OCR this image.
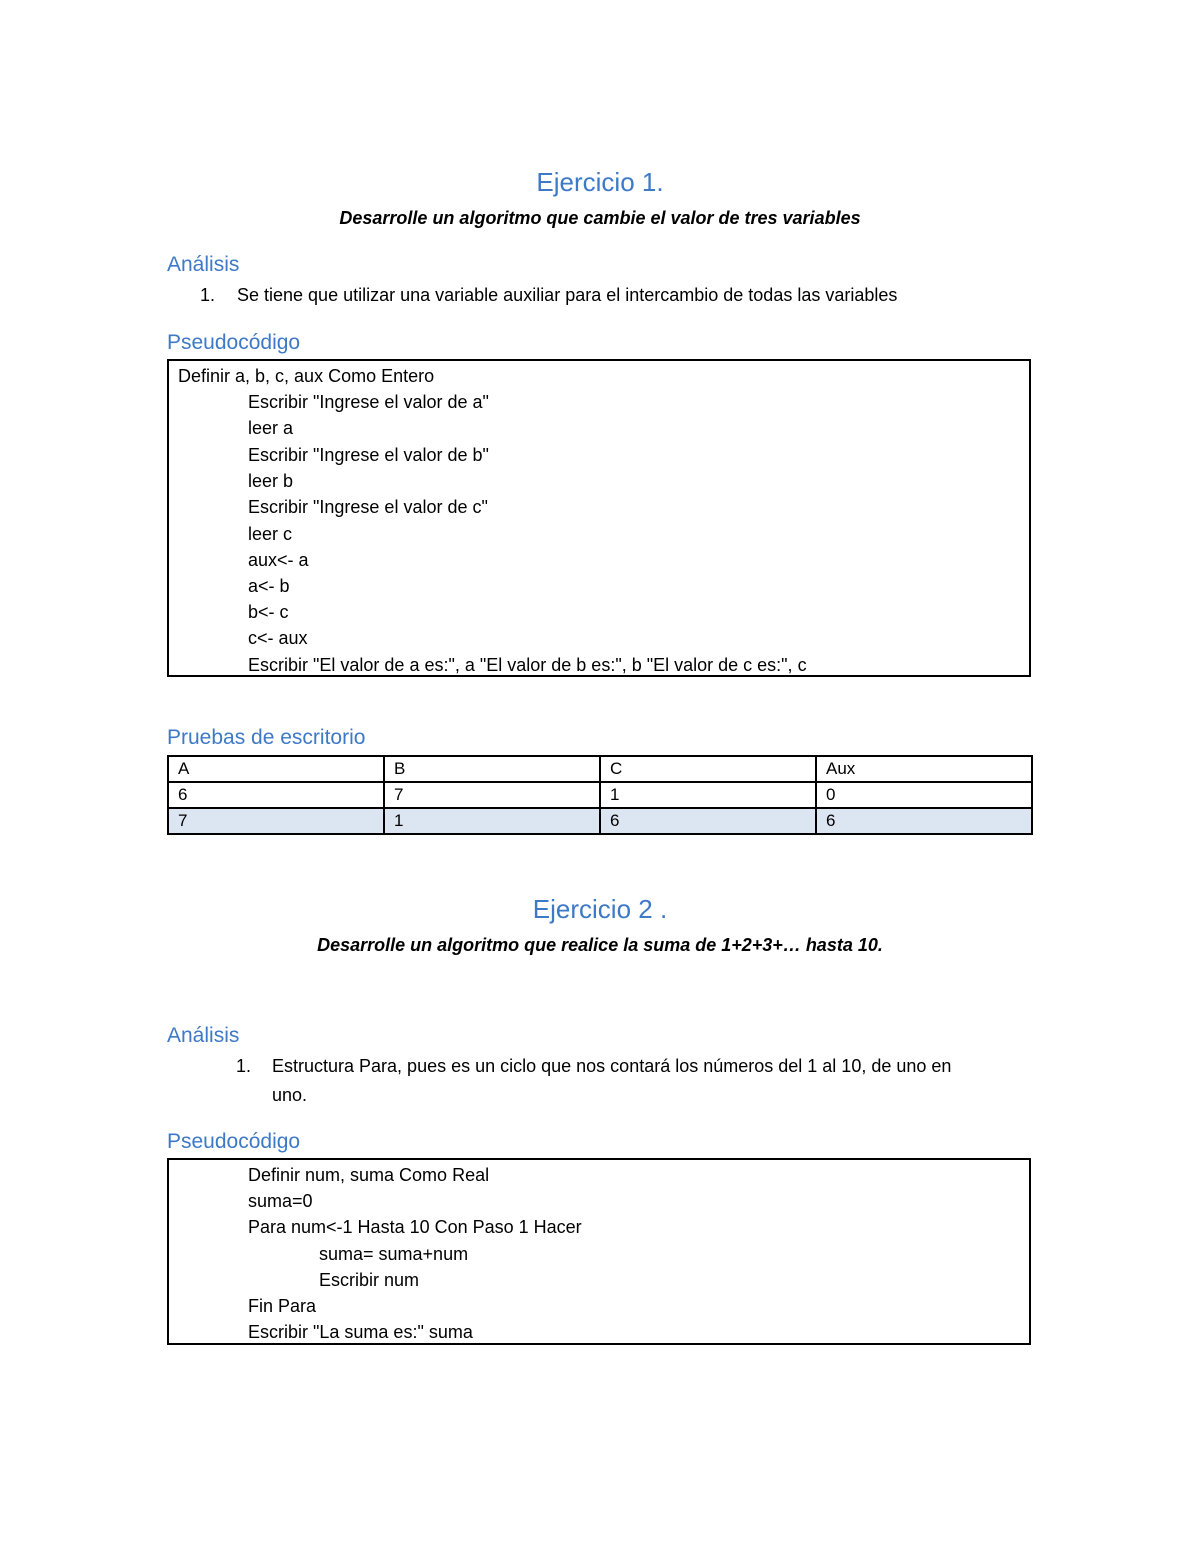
Ejercicio 1.
Desarrolle un algoritmo que cambie el valor de tres variables
Análisis
1. Se tiene que utilizar una variable auxiliar para el intercambio de todas las variables
Pseudocódigo
Definir a, b, c, aux Como Entero
Escribir "Ingrese el valor de a"
leer a
Escribir "Ingrese el valor de b"
leer b
Escribir "Ingrese el valor de c"
leer c
aux<- a
a<- b
b<- c
c<- aux
Escribir "El valor de a es:", a "El valor de b es:", b "El valor de c es:", c
Pruebas de escritorio
A	B	C	Aux
6	7	1	0
7	1	6	6
Ejercicio 2 .
Desarrolle un algoritmo que realice la suma de 1+2+3+… hasta 10.
Análisis
1. Estructura Para, pues es un ciclo que nos contará los números del 1 al 10, de uno en
uno.
Pseudocódigo
Definir num, suma Como Real
suma=0
Para num<-1 Hasta 10 Con Paso 1 Hacer
suma= suma+num
Escribir num
Fin Para
Escribir "La suma es:" suma
